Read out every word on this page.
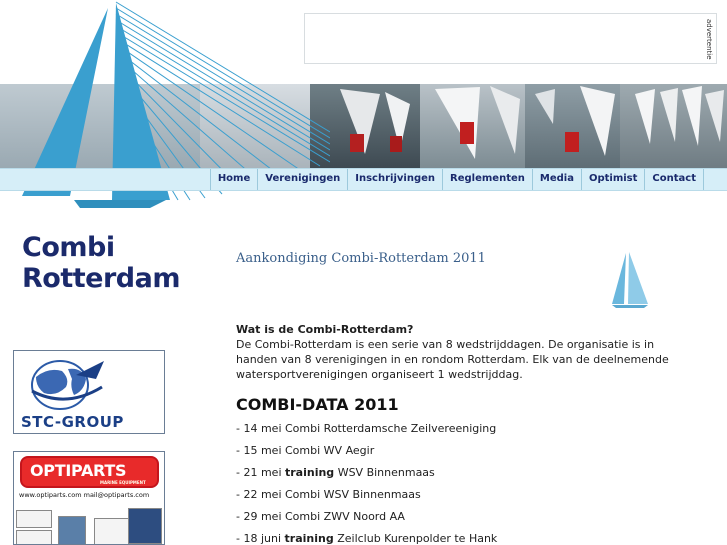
advertentie
Home	Verenigingen	Inschrijvingen	Reglementen	Media	Optimist	Contact
Combi
Rotterdam
Aankondiging Combi-Rotterdam 2011
STC-GROUP
OPTIPARTS
MARINE EQUIPMENT
www.optiparts.com mail@optiparts.com
Wat is de Combi-Rotterdam?
De Combi-Rotterdam is een serie van 8 wedstrijddagen. De organisatie is in handen van 8 verenigingen in en rondom Rotterdam. Elk van de deelnemende watersportverenigingen organiseert 1 wedstrijddag.
COMBI-DATA 2011
- 14 mei Combi Rotterdamsche Zeilvereeniging
- 15 mei Combi WV Aegir
- 21 mei training WSV Binnenmaas
- 22 mei Combi WSV Binnenmaas
- 29 mei Combi ZWV Noord AA
- 18 juni training Zeilclub Kurenpolder te Hank
